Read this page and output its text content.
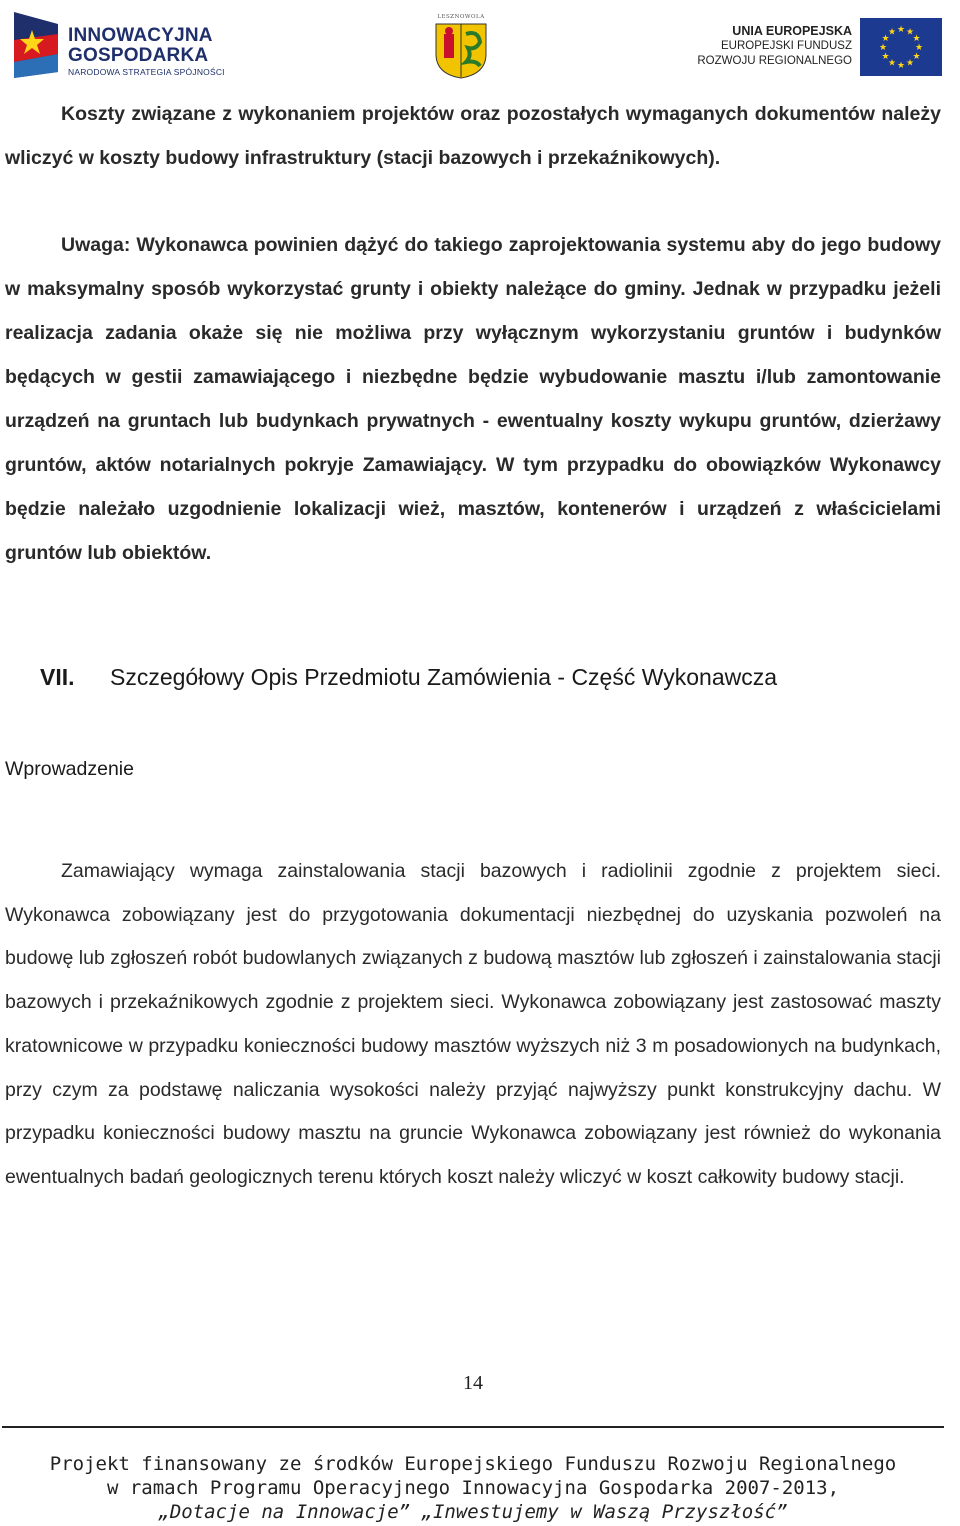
INNOWACYJNA
GOSPODARKA
NARODOWA STRATEGIA SPÓJNOŚCI
LESZNOWOLA
UNIA EUROPEJSKA
EUROPEJSKI FUNDUSZ
ROZWOJU REGIONALNEGO
★ ★
★
★
★
★
★
★
★
★
★
★

Koszty związane z wykonaniem projektów oraz pozostałych wymaganych dokumentów należy wliczyć w koszty budowy infrastruktury (stacji bazowych i przekaźnikowych).

Uwaga: Wykonawca powinien dążyć do takiego zaprojektowania systemu aby do jego budowy w maksymalny sposób wykorzystać grunty i obiekty należące do gminy. Jednak w przypadku jeżeli realizacja zadania okaże się nie możliwa przy wyłącznym wykorzystaniu gruntów i budynków będących w gestii zamawiającego i niezbędne będzie wybudowanie masztu i/lub zamontowanie urządzeń na gruntach lub budynkach prywatnych - ewentualny koszty wykupu gruntów, dzierżawy gruntów, aktów notarialnych pokryje Zamawiający. W tym przypadku do obowiązków Wykonawcy będzie należało uzgodnienie lokalizacji wież, masztów, kontenerów i urządzeń z właścicielami gruntów lub obiektów.

VII. Szczegółowy Opis Przedmiotu Zamówienia - Część Wykonawcza
Wprowadzenie

Zamawiający wymaga zainstalowania stacji bazowych i radiolinii zgodnie z projektem sieci. Wykonawca zobowiązany jest do przygotowania dokumentacji niezbędnej do uzyskania pozwoleń na budowę lub zgłoszeń robót budowlanych związanych z budową masztów lub zgłoszeń i zainstalowania stacji bazowych i przekaźnikowych zgodnie z projektem sieci. Wykonawca zobowiązany jest zastosować maszty kratownicowe w przypadku konieczności budowy masztów wyższych niż 3 m posadowionych na budynkach, przy czym za podstawę naliczania wysokości należy przyjąć najwyższy punkt konstrukcyjny dachu. W przypadku konieczności budowy masztu na gruncie Wykonawca zobowiązany jest również do wykonania ewentualnych badań geologicznych terenu których koszt należy wliczyć w koszt całkowity budowy stacji.

14
Projekt finansowany ze środków Europejskiego Funduszu Rozwoju Regionalnego
w ramach Programu Operacyjnego Innowacyjna Gospodarka 2007-2013,
„Dotacje na Innowacje” „Inwestujemy w Waszą Przyszłość”
